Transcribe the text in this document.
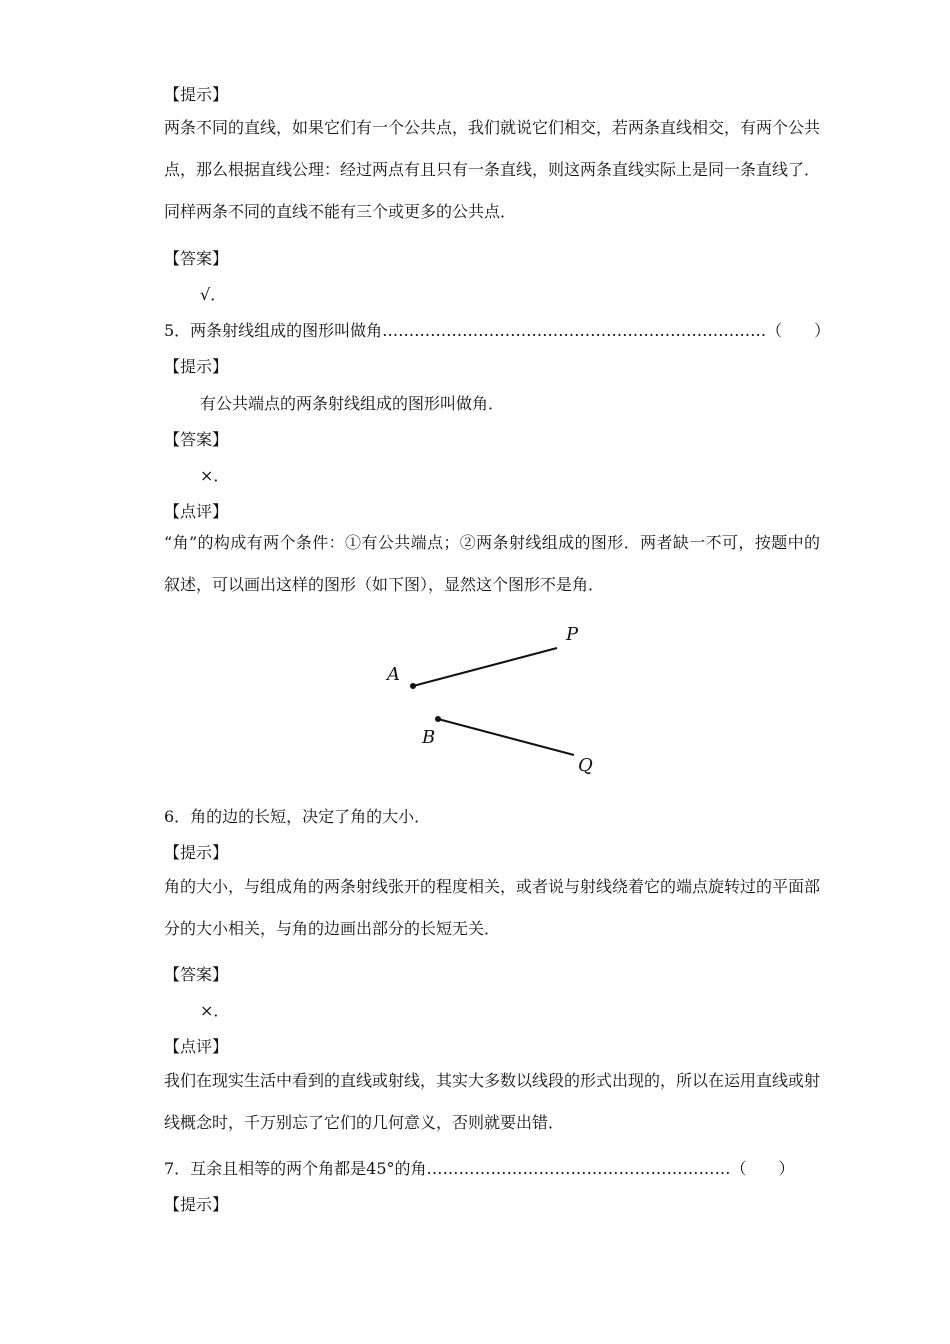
【提示】
两条不同的直线，如果它们有一个公共点，我们就说它们相交，若两条直线相交，有两个公共点，那么根据直线公理：经过两点有且只有一条直线，则这两条直线实际上是同一条直线了．同样两条不同的直线不能有三个或更多的公共点．
【答案】
√．
5．两条射线组成的图形叫做角………………………………………………………………（　　）
【提示】
有公共端点的两条射线组成的图形叫做角．
【答案】
×．
【点评】
“角”的构成有两个条件：①有公共端点；②两条射线组成的图形．两者缺一不可，按题中的叙述，可以画出这样的图形（如下图），显然这个图形不是角．
A
P
B
Q
6．角的边的长短，决定了角的大小．
【提示】
角的大小，与组成角的两条射线张开的程度相关，或者说与射线绕着它的端点旋转过的平面部分的大小相关，与角的边画出部分的长短无关．
【答案】
×．
【点评】
我们在现实生活中看到的直线或射线，其实大多数以线段的形式出现的，所以在运用直线或射线概念时，千万别忘了它们的几何意义，否则就要出错．
7．互余且相等的两个角都是45°的角…………………………………………………（　　）
【提示】
